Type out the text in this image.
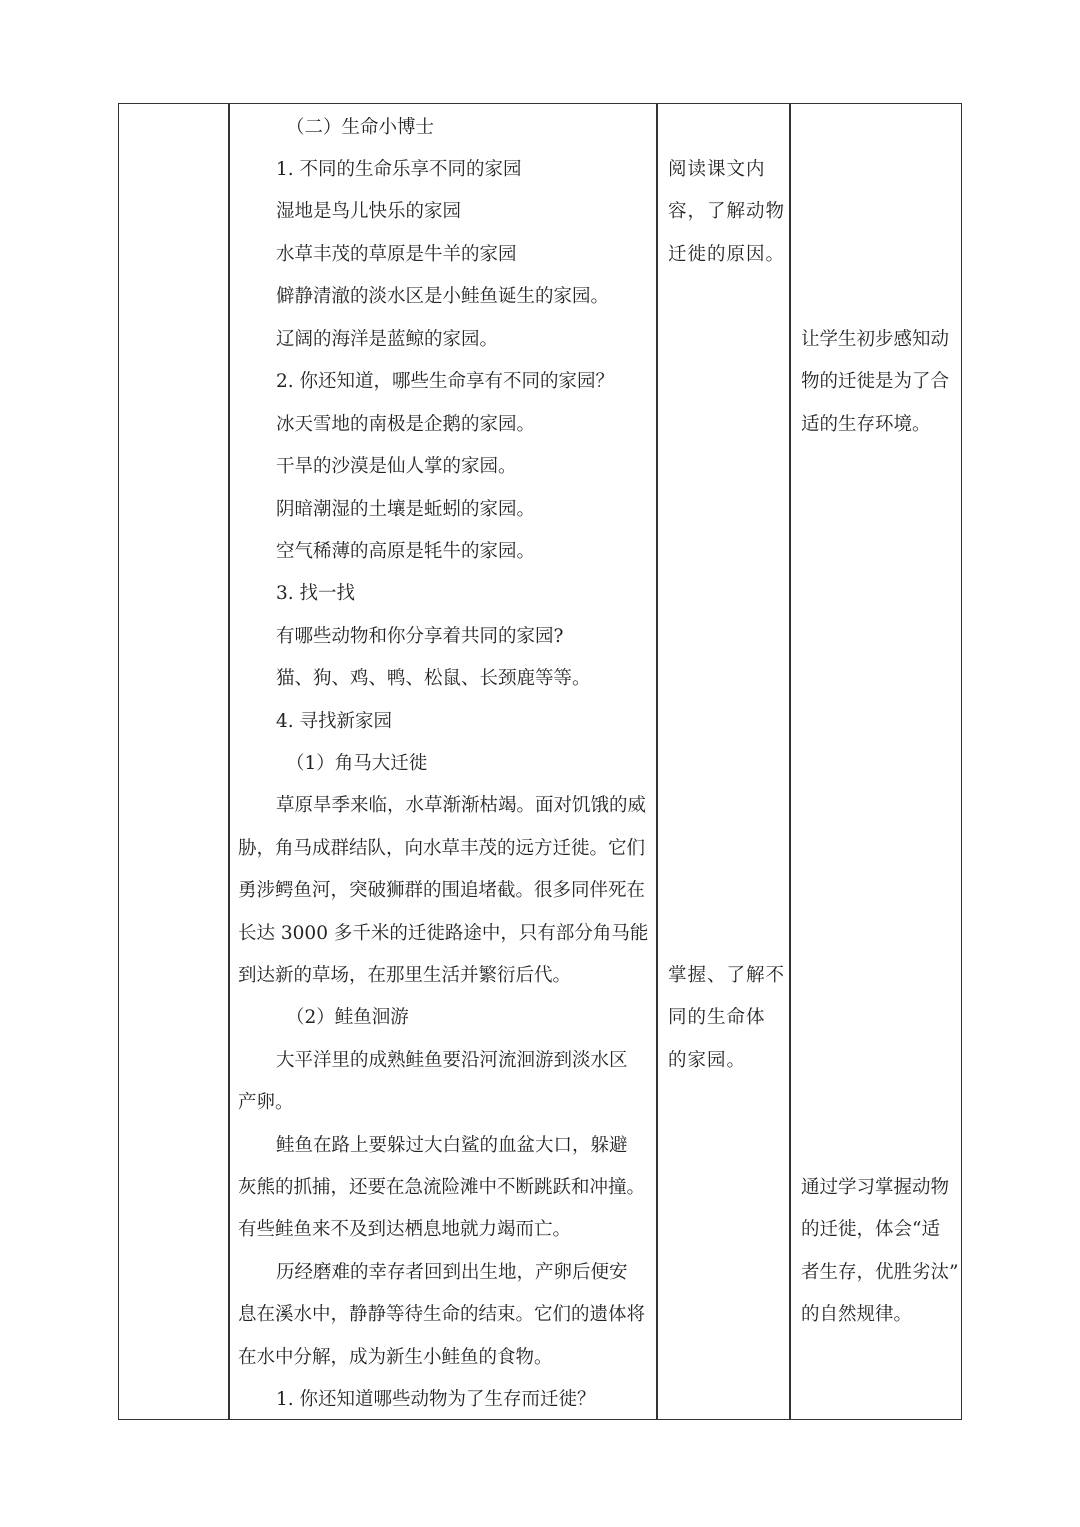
（二）生命小博士
1. 不同的生命乐享不同的家园
湿地是鸟儿快乐的家园
水草丰茂的草原是牛羊的家园
僻静清澈的淡水区是小鲑鱼诞生的家园。
辽阔的海洋是蓝鲸的家园。
2. 你还知道，哪些生命享有不同的家园？
冰天雪地的南极是企鹅的家园。
干旱的沙漠是仙人掌的家园。
阴暗潮湿的土壤是蚯蚓的家园。
空气稀薄的高原是牦牛的家园。
3. 找一找
有哪些动物和你分享着共同的家园?
猫、狗、鸡、鸭、松鼠、长颈鹿等等。
4. 寻找新家园
（1）角马大迁徙
草原旱季来临，水草渐渐枯竭。面对饥饿的威
胁，角马成群结队，向水草丰茂的远方迁徙。它们
勇涉鳄鱼河，突破狮群的围追堵截。很多同伴死在
长达 3000 多千米的迁徙路途中，只有部分角马能
到达新的草场，在那里生活并繁衍后代。
（2）鲑鱼洄游
大平洋里的成熟鲑鱼要沿河流洄游到淡水区
产卵。
鲑鱼在路上要躲过大白鲨的血盆大口，躲避
灰熊的抓捕，还要在急流险滩中不断跳跃和冲撞。
有些鲑鱼来不及到达栖息地就力竭而亡。
历经磨难的幸存者回到出生地，产卵后便安
息在溪水中，静静等待生命的结束。它们的遗体将
在水中分解，成为新生小鲑鱼的食物。
1. 你还知道哪些动物为了生存而迁徙？
阅读课文内
容，了解动物
迁徙的原因。
掌握、了解不
同的生命体
的家园。
让学生初步感知动
物的迁徙是为了合
适的生存环境。
通过学习掌握动物
的迁徙，体会“适
者生存，优胜劣汰”
的自然规律。
